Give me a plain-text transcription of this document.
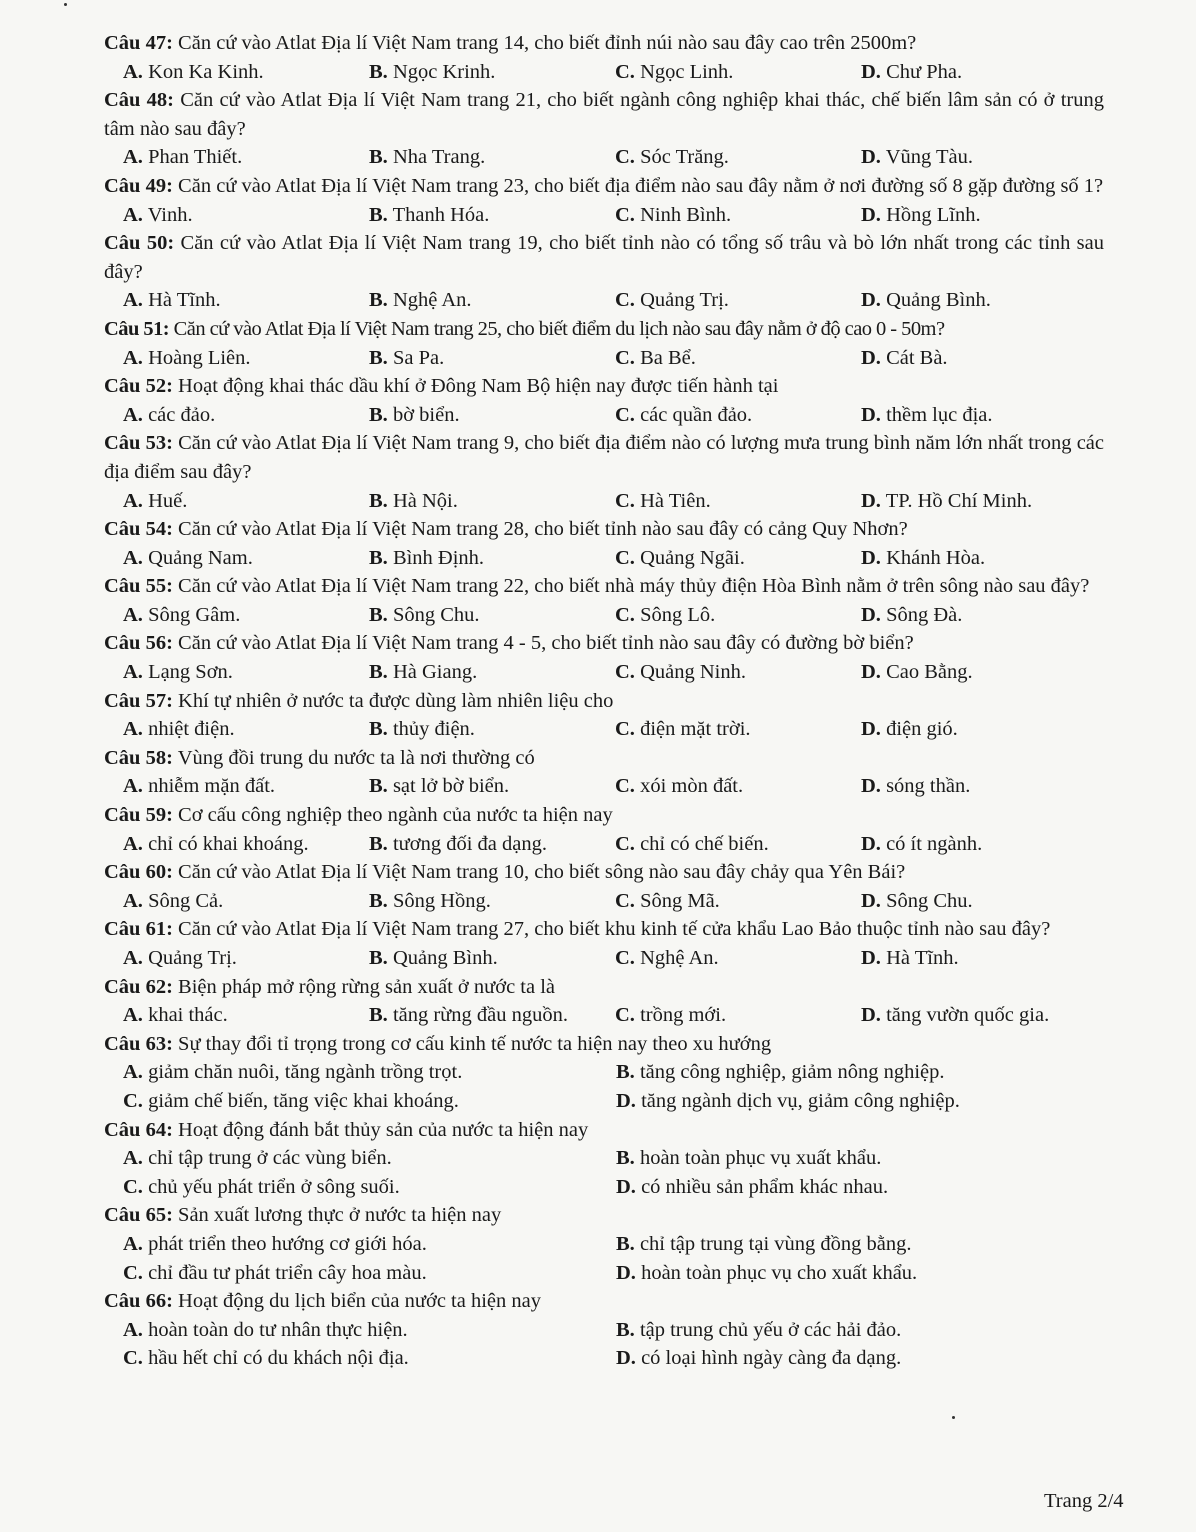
Câu 47: Căn cứ vào Atlat Địa lí Việt Nam trang 14, cho biết đỉnh núi nào sau đây cao trên 2500m?

A. Kon Ka Kinh.	B. Ngọc Krinh.	C. Ngọc Linh.	D. Chư Pha.

Câu 48: Căn cứ vào Atlat Địa lí Việt Nam trang 21, cho biết ngành công nghiệp khai thác, chế biến lâm sản có ở trung tâm nào sau đây?

A. Phan Thiết.	B. Nha Trang.	C. Sóc Trăng.	D. Vũng Tàu.

Câu 49: Căn cứ vào Atlat Địa lí Việt Nam trang 23, cho biết địa điểm nào sau đây nằm ở nơi đường số 8 gặp đường số 1?

A. Vinh.	B. Thanh Hóa.	C. Ninh Bình.	D. Hồng Lĩnh.

Câu 50: Căn cứ vào Atlat Địa lí Việt Nam trang 19, cho biết tỉnh nào có tổng số trâu và bò lớn nhất trong các tỉnh sau đây?

A. Hà Tĩnh.	B. Nghệ An.	C. Quảng Trị.	D. Quảng Bình.

Câu 51: Căn cứ vào Atlat Địa lí Việt Nam trang 25, cho biết điểm du lịch nào sau đây nằm ở độ cao 0 - 50m?

A. Hoàng Liên.	B. Sa Pa.	C. Ba Bể.	D. Cát Bà.

Câu 52: Hoạt động khai thác dầu khí ở Đông Nam Bộ hiện nay được tiến hành tại

A. các đảo.	B. bờ biển.	C. các quần đảo.	D. thềm lục địa.

Câu 53: Căn cứ vào Atlat Địa lí Việt Nam trang 9, cho biết địa điểm nào có lượng mưa trung bình năm lớn nhất trong các địa điểm sau đây?

A. Huế.	B. Hà Nội.	C. Hà Tiên.	D. TP. Hồ Chí Minh.

Câu 54: Căn cứ vào Atlat Địa lí Việt Nam trang 28, cho biết tỉnh nào sau đây có cảng Quy Nhơn?

A. Quảng Nam.	B. Bình Định.	C. Quảng Ngãi.	D. Khánh Hòa.

Câu 55: Căn cứ vào Atlat Địa lí Việt Nam trang 22, cho biết nhà máy thủy điện Hòa Bình nằm ở trên sông nào sau đây?

A. Sông Gâm.	B. Sông Chu.	C. Sông Lô.	D. Sông Đà.

Câu 56: Căn cứ vào Atlat Địa lí Việt Nam trang 4 - 5, cho biết tỉnh nào sau đây có đường bờ biển?

A. Lạng Sơn.	B. Hà Giang.	C. Quảng Ninh.	D. Cao Bằng.

Câu 57: Khí tự nhiên ở nước ta được dùng làm nhiên liệu cho

A. nhiệt điện.	B. thủy điện.	C. điện mặt trời.	D. điện gió.

Câu 58: Vùng đồi trung du nước ta là nơi thường có

A. nhiễm mặn đất.	B. sạt lở bờ biển.	C. xói mòn đất.	D. sóng thần.

Câu 59: Cơ cấu công nghiệp theo ngành của nước ta hiện nay

A. chỉ có khai khoáng.	B. tương đối đa dạng.	C. chỉ có chế biến.	D. có ít ngành.

Câu 60: Căn cứ vào Atlat Địa lí Việt Nam trang 10, cho biết sông nào sau đây chảy qua Yên Bái?

A. Sông Cả.	B. Sông Hồng.	C. Sông Mã.	D. Sông Chu.

Câu 61: Căn cứ vào Atlat Địa lí Việt Nam trang 27, cho biết khu kinh tế cửa khẩu Lao Bảo thuộc tỉnh nào sau đây?

A. Quảng Trị.	B. Quảng Bình.	C. Nghệ An.	D. Hà Tĩnh.

Câu 62: Biện pháp mở rộng rừng sản xuất ở nước ta là

A. khai thác.	B. tăng rừng đầu nguồn.	C. trồng mới.	D. tăng vườn quốc gia.

Câu 63: Sự thay đổi tỉ trọng trong cơ cấu kinh tế nước ta hiện nay theo xu hướng

A. giảm chăn nuôi, tăng ngành trồng trọt.	B. tăng công nghiệp, giảm nông nghiệp.
C. giảm chế biến, tăng việc khai khoáng.	D. tăng ngành dịch vụ, giảm công nghiệp.

Câu 64: Hoạt động đánh bắt thủy sản của nước ta hiện nay

A. chỉ tập trung ở các vùng biển.	B. hoàn toàn phục vụ xuất khẩu.
C. chủ yếu phát triển ở sông suối.	D. có nhiều sản phẩm khác nhau.

Câu 65: Sản xuất lương thực ở nước ta hiện nay

A. phát triển theo hướng cơ giới hóa.	B. chỉ tập trung tại vùng đồng bằng.
C. chỉ đầu tư phát triển cây hoa màu.	D. hoàn toàn phục vụ cho xuất khẩu.

Câu 66: Hoạt động du lịch biển của nước ta hiện nay

A. hoàn toàn do tư nhân thực hiện.	B. tập trung chủ yếu ở các hải đảo.
C. hầu hết chỉ có du khách nội địa.	D. có loại hình ngày càng đa dạng.
Trang 2/4
